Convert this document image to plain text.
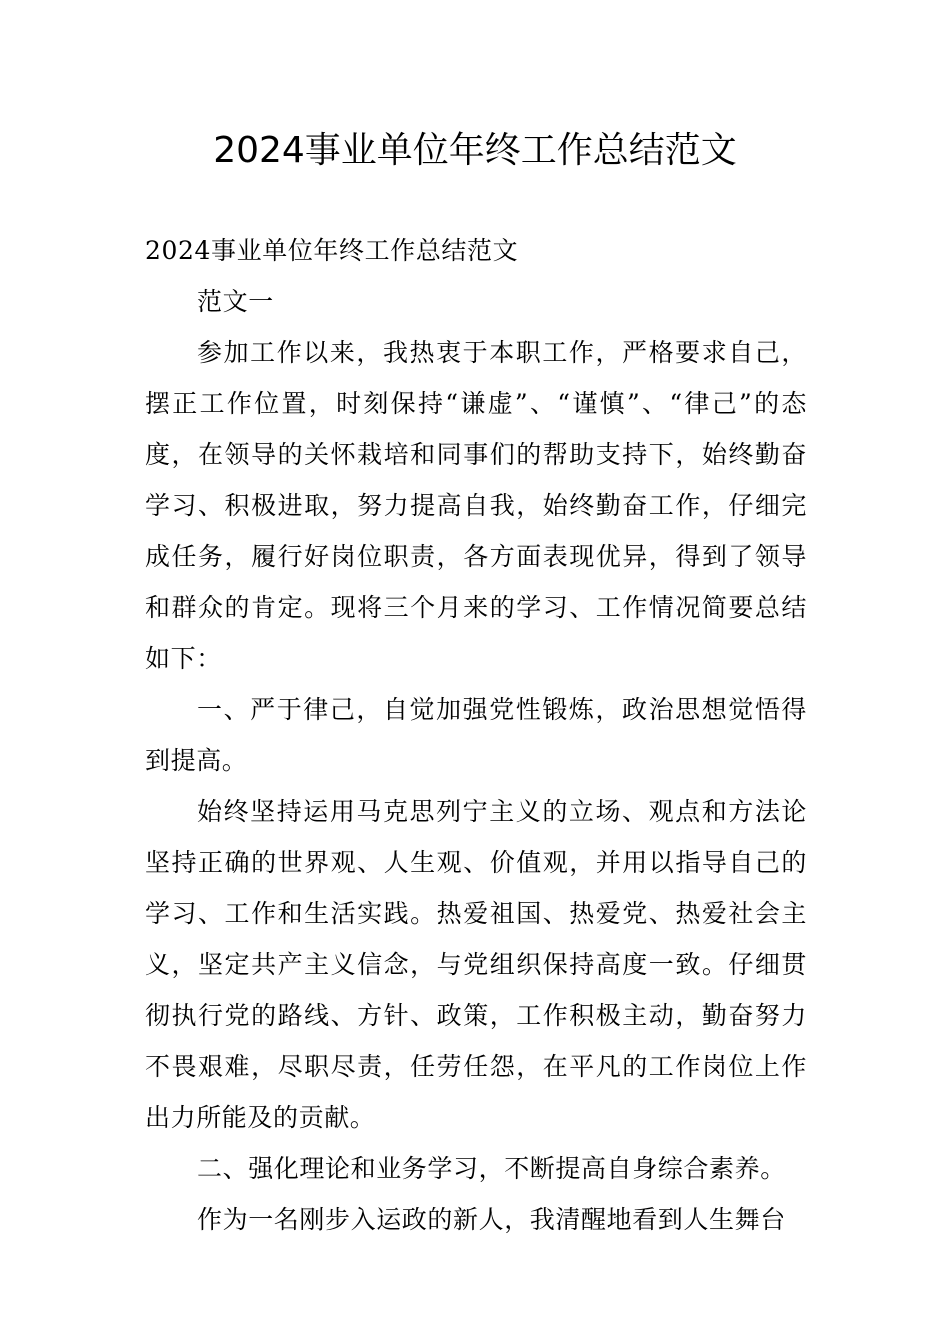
2024事业单位年终工作总结范文

2024事业单位年终工作总结范文

范文一

参加工作以来，我热衷于本职工作，严格要求自己，摆正工作位置，时刻保持“谦虚”、“谨慎”、“律己”的态度，在领导的关怀栽培和同事们的帮助支持下，始终勤奋学习、积极进取，努力提高自我，始终勤奋工作，仔细完成任务，履行好岗位职责，各方面表现优异，得到了领导和群众的肯定。现将三个月来的学习、工作情况简要总结如下：

一、严于律己，自觉加强党性锻炼，政治思想觉悟得到提高。

始终坚持运用马克思列宁主义的立场、观点和方法论坚持正确的世界观、人生观、价值观，并用以指导自己的学习、工作和生活实践。热爱祖国、热爱党、热爱社会主义，坚定共产主义信念，与党组织保持高度一致。仔细贯彻执行党的路线、方针、政策，工作积极主动，勤奋努力不畏艰难，尽职尽责，任劳任怨，在平凡的工作岗位上作出力所能及的贡献。

二、强化理论和业务学习，不断提高自身综合素养。

作为一名刚步入运政的新人，我清醒地看到人生舞台
